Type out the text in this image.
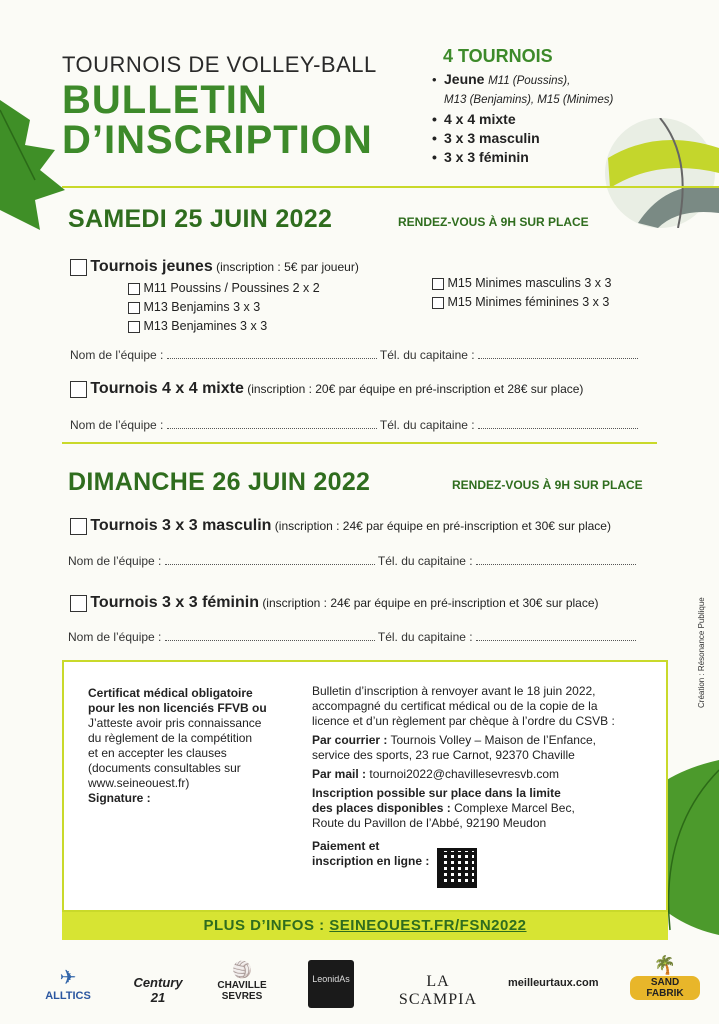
TOURNOIS DE VOLLEY-BALL
BULLETIN
D’INSCRIPTION
4 TOURNOIS
• Jeune M11 (Poussins),
M13 (Benjamins), M15 (Minimes)
• 4 x 4 mixte
• 3 x 3 masculin
• 3 x 3 féminin
SAMEDI 25 JUIN 2022	RENDEZ-VOUS À 9H SUR PLACE
Tournois jeunes (inscription : 5€ par joueur)
M11 Poussins / Poussines 2 x 2
M13 Benjamins 3 x 3
M13 Benjamines 3 x 3
M15 Minimes masculins 3 x 3
M15 Minimes féminines 3 x 3
Nom de l’équipe :	Tél. du capitaine :
Tournois 4 x 4 mixte (inscription : 20€ par équipe en pré-inscription et 28€ sur place)
Nom de l’équipe :	Tél. du capitaine :
DIMANCHE 26 JUIN 2022	RENDEZ-VOUS À 9H SUR PLACE
Tournois 3 x 3 masculin (inscription : 24€ par équipe en pré-inscription et 30€ sur place)
Nom de l’équipe :	Tél. du capitaine :
Tournois 3 x 3 féminin (inscription : 24€ par équipe en pré-inscription et 30€ sur place)
Nom de l’équipe :	Tél. du capitaine :	Création : Résonance Publique
Certificat médical obligatoire
pour les non licenciés FFVB ou
J’atteste avoir pris connaissance
du règlement de la compétition
et en accepter les clauses
(documents consultables sur
www.seineouest.fr)
Signature :
Bulletin d’inscription à renvoyer avant le 18 juin 2022,
accompagné du certificat médical ou de la copie de la
licence et d’un règlement par chèque à l’ordre du CSVB :
Par courrier : Tournois Volley – Maison de l’Enfance,
service des sports, 23 rue Carnot, 92370 Chaville
Par mail : tournoi2022@chavillesevresvb.com
Inscription possible sur place dans la limite
des places disponibles : Complexe Marcel Bec,
Route du Pavillon de l’Abbé, 92190 Meudon
Paiement et
inscription en ligne :
PLUS D’INFOS : SEINEOUEST.FR/FSN2022
✈
ALLTICS
Century 21
🏐
CHAVILLE SEVRES
LeonidAs	LA SCAMPIA
meilleurtaux.com
🌴
SAND FABRIK
